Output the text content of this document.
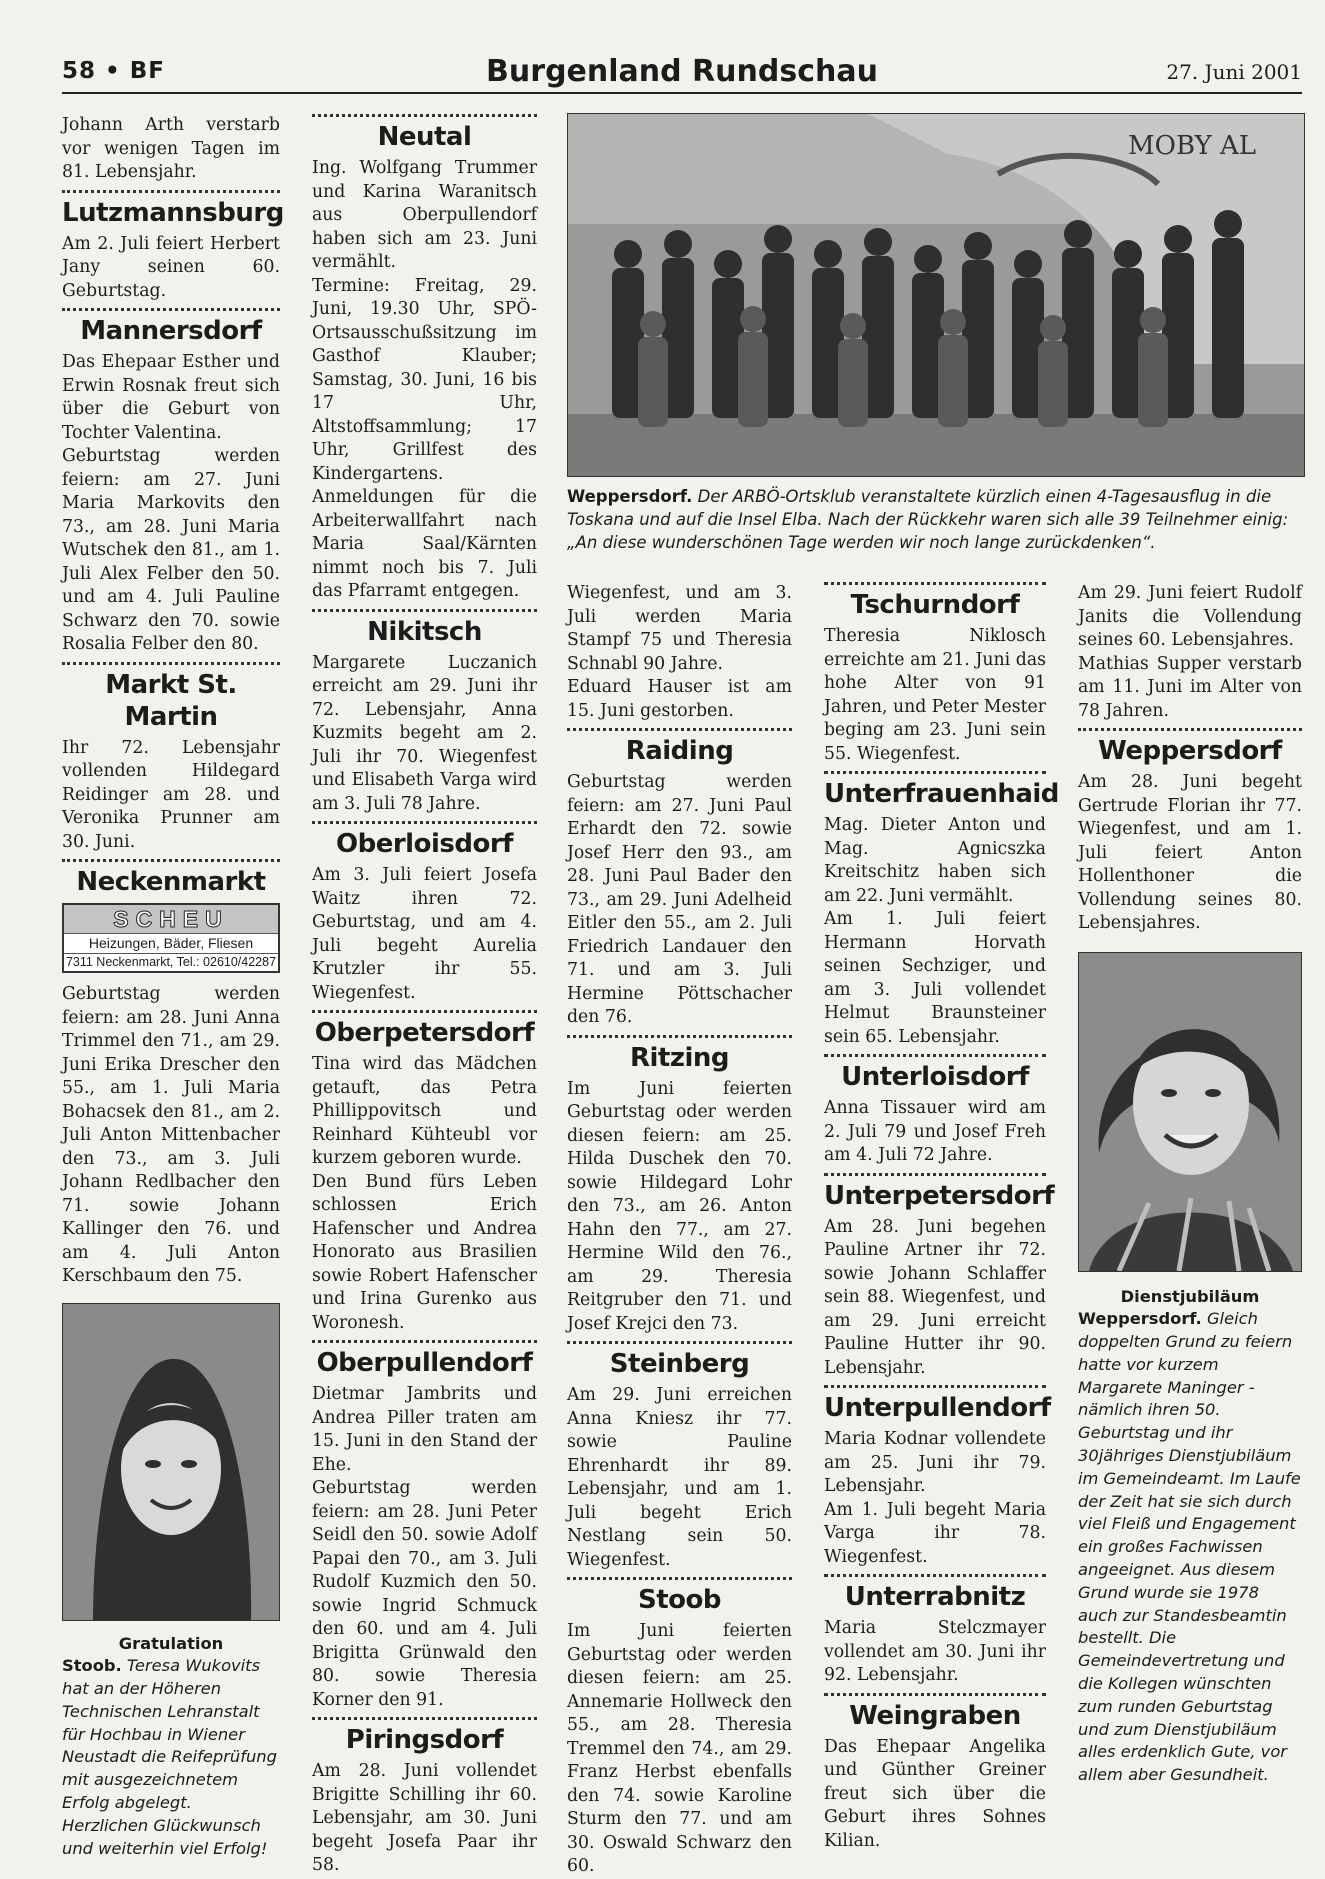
58 • BF	Burgenland Rundschau	27. Juni 2001

Johann Arth verstarb vor wenigen Tagen im 81. Lebensjahr.

Lutzmannsburg

Am 2. Juli feiert Herbert Jany seinen 60. Geburtstag.

Mannersdorf

Das Ehepaar Esther und Erwin Rosnak freut sich über die Geburt von Tochter Valentina.

Geburtstag werden feiern: am 27. Juni Maria Markovits den 73., am 28. Juni Maria Wutschek den 81., am 1. Juli Alex Felber den 50. und am 4. Juli Pauline Schwarz den 70. sowie Rosalia Felber den 80.

Markt St. Martin

Ihr 72. Lebensjahr vollenden Hildegard Reidinger am 28. und Veronika Prunner am 30. Juni.

Neckenmarkt
SCHEU
Heizungen, Bäder, Fliesen
7311 Neckenmarkt, Tel.: 02610/42287

Geburtstag werden feiern: am 28. Juni Anna Trimmel den 71., am 29. Juni Erika Drescher den 55., am 1. Juli Maria Bohacsek den 81., am 2. Juli Anton Mittenbacher den 73., am 3. Juli Johann Redlbacher den 71. sowie Johann Kallinger den 76. und am 4. Juli Anton Kerschbaum den 75.

Gratulation
Stoob. Teresa Wukovits hat an der Höheren Technischen Lehranstalt für Hochbau in Wiener Neustadt die Reifeprüfung mit ausgezeichnetem Erfolg abgelegt. Herzlichen Glückwunsch und weiterhin viel Erfolg!
Neutal

Ing. Wolfgang Trummer und Karina Waranitsch aus Oberpullendorf haben sich am 23. Juni vermählt.

Termine: Freitag, 29. Juni, 19.30 Uhr, SPÖ-Ortsausschußsitzung im Gasthof Klauber; Samstag, 30. Juni, 16 bis 17 Uhr, Altstoffsammlung; 17 Uhr, Grillfest des Kindergartens.

Anmeldungen für die Arbeiterwallfahrt nach Maria Saal/Kärnten nimmt noch bis 7. Juli das Pfarramt entgegen.

Nikitsch

Margarete Luczanich erreicht am 29. Juni ihr 72. Lebensjahr, Anna Kuzmits begeht am 2. Juli ihr 70. Wiegenfest und Elisabeth Varga wird am 3. Juli 78 Jahre.

Oberloisdorf

Am 3. Juli feiert Josefa Waitz ihren 72. Geburtstag, und am 4. Juli begeht Aurelia Krutzler ihr 55. Wiegenfest.

Oberpetersdorf

Tina wird das Mädchen getauft, das Petra Phillippovitsch und Reinhard Kühteubl vor kurzem geboren wurde.

Den Bund fürs Leben schlossen Erich Hafenscher und Andrea Honorato aus Brasilien sowie Robert Hafenscher und Irina Gurenko aus Woronesh.

Oberpullendorf

Dietmar Jambrits und Andrea Piller traten am 15. Juni in den Stand der Ehe.

Geburtstag werden feiern: am 28. Juni Peter Seidl den 50. sowie Adolf Papai den 70., am 3. Juli Rudolf Kuzmich den 50. sowie Ingrid Schmuck den 60. und am 4. Juli Brigitta Grünwald den 80. sowie Theresia Korner den 91.

Piringsdorf

Am 28. Juni vollendet Brigitte Schilling ihr 60. Lebensjahr, am 30. Juni begeht Josefa Paar ihr 58.

MOBY AL
Weppersdorf. Der ARBÖ-Ortsklub veranstaltete kürzlich einen 4-Tagesausflug in die Toskana und auf die Insel Elba. Nach der Rückkehr waren sich alle 39 Teilnehmer einig: „An diese wunderschönen Tage werden wir noch lange zurückdenken“.

Wiegenfest, und am 3. Juli werden Maria Stampf 75 und Theresia Schnabl 90 Jahre.

Eduard Hauser ist am 15. Juni gestorben.

Raiding

Geburtstag werden feiern: am 27. Juni Paul Erhardt den 72. sowie Josef Herr den 93., am 28. Juni Paul Bader den 73., am 29. Juni Adelheid Eitler den 55., am 2. Juli Friedrich Landauer den 71. und am 3. Juli Hermine Pöttschacher den 76.

Ritzing

Im Juni feierten Geburtstag oder werden diesen feiern: am 25. Hilda Duschek den 70. sowie Hildegard Lohr den 73., am 26. Anton Hahn den 77., am 27. Hermine Wild den 76., am 29. Theresia Reitgruber den 71. und Josef Krejci den 73.

Steinberg

Am 29. Juni erreichen Anna Kniesz ihr 77. sowie Pauline Ehrenhardt ihr 89. Lebensjahr, und am 1. Juli begeht Erich Nestlang sein 50. Wiegenfest.

Stoob

Im Juni feierten Geburtstag oder werden diesen feiern: am 25. Annemarie Hollweck den 55., am 28. Theresia Tremmel den 74., am 29. Franz Herbst ebenfalls den 74. sowie Karoline Sturm den 77. und am 30. Oswald Schwarz den 60.

Tschurndorf

Theresia Niklosch erreichte am 21. Juni das hohe Alter von 91 Jahren, und Peter Mester beging am 23. Juni sein 55. Wiegenfest.

Unterfrauenhaid

Mag. Dieter Anton und Mag. Agnicszka Kreitschitz haben sich am 22. Juni vermählt.

Am 1. Juli feiert Hermann Horvath seinen Sechziger, und am 3. Juli vollendet Helmut Braunsteiner sein 65. Lebensjahr.

Unterloisdorf

Anna Tissauer wird am 2. Juli 79 und Josef Freh am 4. Juli 72 Jahre.

Unterpetersdorf

Am 28. Juni begehen Pauline Artner ihr 72. sowie Johann Schlaffer sein 88. Wiegenfest, und am 29. Juni erreicht Pauline Hutter ihr 90. Lebensjahr.

Unterpullendorf

Maria Kodnar vollendete am 25. Juni ihr 79. Lebensjahr.

Am 1. Juli begeht Maria Varga ihr 78. Wiegenfest.

Unterrabnitz

Maria Stelczmayer vollendet am 30. Juni ihr 92. Lebensjahr.

Weingraben

Das Ehepaar Angelika und Günther Greiner freut sich über die Geburt ihres Sohnes Kilian.

Am 29. Juni feiert Rudolf Janits die Vollendung seines 60. Lebensjahres.

Mathias Supper verstarb am 11. Juni im Alter von 78 Jahren.

Weppersdorf

Am 28. Juni begeht Gertrude Florian ihr 77. Wiegenfest, und am 1. Juli feiert Anton Hollenthoner die Vollendung seines 80. Lebensjahres.

Dienstjubiläum
Weppersdorf. Gleich doppelten Grund zu feiern hatte vor kurzem Margarete Maninger - nämlich ihren 50. Geburtstag und ihr 30jähriges Dienstjubiläum im Gemeindeamt. Im Laufe der Zeit hat sie sich durch viel Fleiß und Engagement ein großes Fachwissen angeeignet. Aus diesem Grund wurde sie 1978 auch zur Standesbeamtin bestellt. Die Gemeindevertretung und die Kollegen wünschten zum runden Geburtstag und zum Dienstjubiläum alles erdenklich Gute, vor allem aber Gesundheit.
